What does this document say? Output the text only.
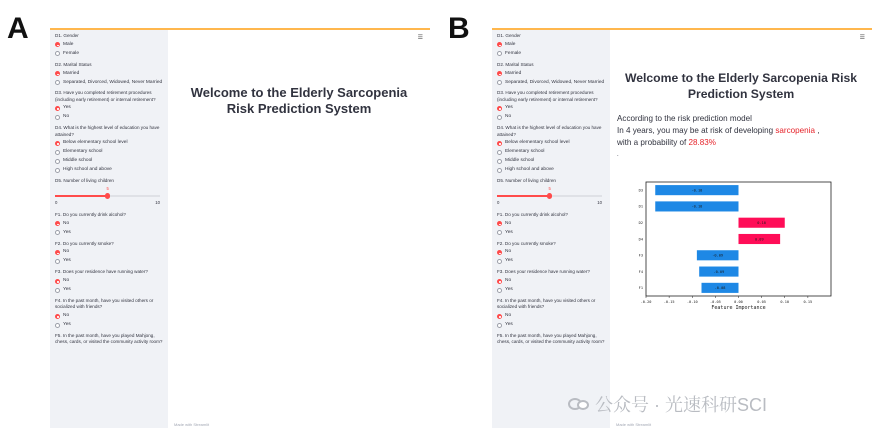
A	B
D1. Gender
Male
Female
D2. Marital Status
Married
Separated, Divorced, Widowed, Never Married
D3. Have you completed retirement procedures (including early retirement) or internal retirement?
Yes
No
D4. What is the highest level of education you have attained?
Below elementary school level
Elementary school
Middle school
High school and above
D5. Number of living children
5
0	10
F1. Do you currently drink alcohol?
No
Yes
F2. Do you currently smoke?
No
Yes
F3. Does your residence have running water?
No
Yes
F4. In the past month, have you visited others or socialized with friends?
No
Yes
F5. In the past month, have you played Mahjong, chess, cards, or visited the community activity room?
☰
Welcome to the Elderly Sarcopenia Risk Prediction System
Made with Streamlit
D1. Gender
Male
Female
D2. Marital Status
Married
Separated, Divorced, Widowed, Never Married
D3. Have you completed retirement procedures (including early retirement) or internal retirement?
Yes
No
D4. What is the highest level of education you have attained?
Below elementary school level
Elementary school
Middle school
High school and above
D5. Number of living children
5
0	10
F1. Do you currently drink alcohol?
No
Yes
F2. Do you currently smoke?
No
Yes
F3. Does your residence have running water?
No
Yes
F4. In the past month, have you visited others or socialized with friends?
No
Yes
F5. In the past month, have you played Mahjong, chess, cards, or visited the community activity room?
☰
Welcome to the Elderly Sarcopenia Risk Prediction System
According to the risk prediction model
In 4 years, you may be at risk of developing sarcopenia ,
with a probability of 28.83%
.
-0.18
D3
-0.18
D1
0.10
D2
0.09
D4
-0.09
F3
-0.09
F4
-0.08
F1
-0.20	-0.15	-0.10	-0.05	0.00	0.05	0.10	0.15
Feature Importance
Made with Streamlit
公众号 · 光速科研SCI
